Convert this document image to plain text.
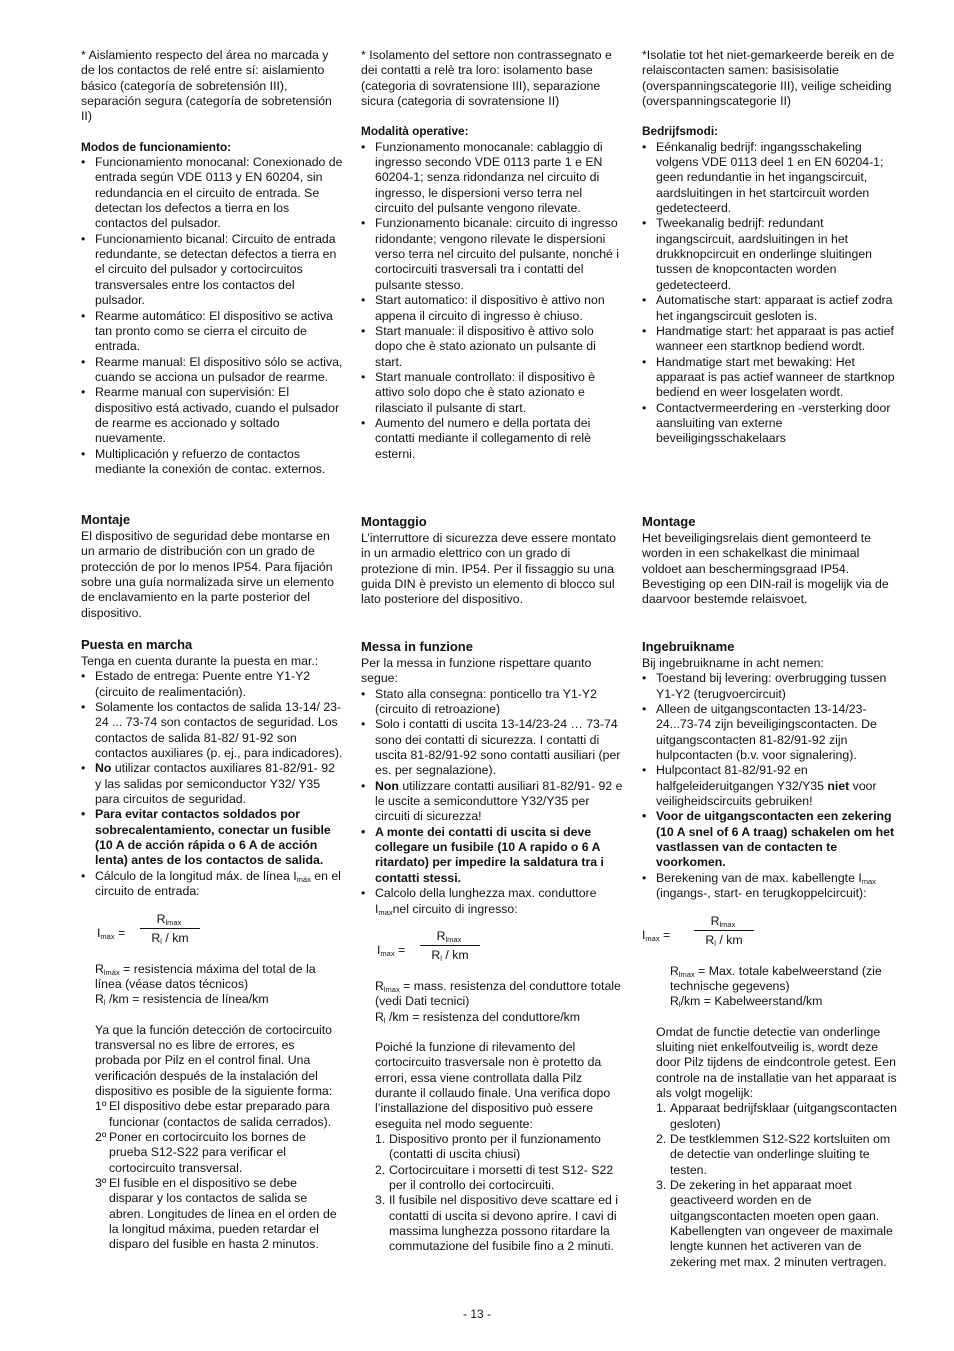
* Aislamiento respecto del área no marcada y de los contactos de relé entre sí: aislamiento básico (categoría de sobretensión III), separación segura (categoría de sobretensión II)

Modos de funcionamiento:

• Funcionamiento monocanal: Conexionado de entrada según VDE 0113 y EN 60204, sin redundancia en el circuito de entrada. Se detectan los defectos a tierra en los contactos del pulsador.
• Funcionamiento bicanal: Circuito de entrada redundante, se detectan defectos a tierra en el circuito del pulsador y cortocircuitos transversales entre los contactos del pulsador.
• Rearme automático: El dispositivo se activa tan pronto como se cierra el circuito de entrada.
• Rearme manual: El dispositivo sólo se activa, cuando se acciona un pulsador de rearme.
• Rearme manual con supervisión: El dispositivo está activado, cuando el pulsador de rearme es accionado y soltado nuevamente.
• Multiplicación y refuerzo de contactos mediante la conexión de contac. externos.
Montaje

El dispositivo de seguridad debe montarse en un armario de distribución con un grado de protección de por lo menos IP54. Para fijación sobre una guía normalizada sirve un elemento de enclavamiento en la parte posterior del dispositivo.

Puesta en marcha

Tenga en cuenta durante la puesta en mar.:

• Estado de entrega: Puente entre Y1-Y2 (circuito de realimentación).
• Solamente los contactos de salida 13-14/ 23-24 ... 73-74 son contactos de seguridad. Los contactos de salida 81-82/ 91-92 son contactos auxiliares (p. ej., para indicadores).
• No utilizar contactos auxiliares 81-82/91- 92 y las salidas por semiconductor Y32/ Y35 para circuitos de seguridad.
• Para evitar contactos soldados por sobrecalentamiento, conectar un fusible (10 A de acción rápida o 6 A de acción lenta) antes de los contactos de salida.
• Cálculo de la longitud máx. de línea $I_{máx}$ en el circuito de entrada:
$I_{max}$ =
$R_{lmax}$
$R_l$ / km

$R_{lmáx}$ = resistencia máxima del total de la línea (véase datos técnicos)

$R_l$ /km = resistencia de línea/km

Ya que la función detección de cortocircuito transversal no es libre de errores, es probada por Pilz en el control final. Una verificación después de la instalación del dispositivo es posible de la siguiente forma:

1º El dispositivo debe estar preparado para funcionar (contactos de salida cerrados).
2º Poner en cortocircuito los bornes de prueba S12-S22 para verificar el cortocircuito transversal.
3º El fusible en el dispositivo se debe disparar y los contactos de salida se abren. Longitudes de línea en el orden de la longitud máxima, pueden retardar el disparo del fusible en hasta 2 minutos.

* Isolamento del settore non contrassegnato e dei contatti a relè tra loro: isolamento base (categoria di sovratensione III), separazione sicura (categoria di sovratensione II)

Modalità operative:

• Funzionamento monocanale: cablaggio di ingresso secondo VDE 0113 parte 1 e EN 60204-1; senza ridondanza nel circuito di ingresso, le dispersioni verso terra nel circuito del pulsante vengono rilevate.
• Funzionamento bicanale: circuito di ingresso ridondante; vengono rilevate le dispersioni verso terra nel circuito del pulsante, nonché i cortocircuiti trasversali tra i contatti del pulsante stesso.
• Start automatico: il dispositivo è attivo non appena il circuito di ingresso è chiuso.
• Start manuale: il dispositivo è attivo solo dopo che è stato azionato un pulsante di start.
• Start manuale controllato: il dispositivo è attivo solo dopo che è stato azionato e rilasciato il pulsante di start.
• Aumento del numero e della portata dei contatti mediante il collegamento di relè esterni.
Montaggio

L’interruttore di sicurezza deve essere montato in un armadio elettrico con un grado di protezione di min. IP54. Per il fissaggio su una guida DIN è previsto un elemento di blocco sul lato posteriore del dispositivo.

Messa in funzione

Per la messa in funzione rispettare quanto segue:

• Stato alla consegna: ponticello tra Y1-Y2 (circuito di retroazione)
• Solo i contatti di uscita 13-14/23-24 … 73-74 sono dei contatti di sicurezza. I contatti di uscita 81-82/91-92 sono contatti ausiliari (per es. per segnalazione).
• Non utilizzare contatti ausiliari 81-82/91- 92 e le uscite a semiconduttore Y32/Y35 per circuiti di sicurezza!
• A monte dei contatti di uscita si deve collegare un fusibile (10 A rapido o 6 A ritardato) per impedire la saldatura tra i contatti stessi.
• Calcolo della lunghezza max. conduttore $I_{max}nel$ circuito di ingresso:
$I_{max}$ =
$R_{lmax}$
$R_l$ / km

$R_{lmax}$ = mass. resistenza del conduttore totale (vedi Dati tecnici)

$R_l$ /km = resistenza del conduttore/km

Poiché la funzione di rilevamento del cortocircuito trasversale non è protetto da errori, essa viene controllata dalla Pilz durante il collaudo finale. Una verifica dopo l’installazione del dispositivo può essere eseguita nel modo seguente:

1. Dispositivo pronto per il funzionamento (contatti di uscita chiusi)
2. Cortocircuitare i morsetti di test S12- S22 per il controllo dei cortocircuiti.
3. Il fusibile nel dispositivo deve scattare ed i contatti di uscita si devono aprire. I cavi di massima lunghezza possono ritardare la commutazione del fusibile fino a 2 minuti.

*Isolatie tot het niet-gemarkeerde bereik en de relaiscontacten samen: basisisolatie (overspanningscategorie III), veilige scheiding (overspanningscategorie II)

Bedrijfsmodi:

• Eénkanalig bedrijf: ingangsschakeling volgens VDE 0113 deel 1 en EN 60204-1; geen redundantie in het ingangscircuit, aardsluitingen in het startcircuit worden gedetecteerd.
• Tweekanalig bedrijf: redundant ingangscircuit, aardsluitingen in het drukknopcircuit en onderlinge sluitingen tussen de knopcontacten worden gedetecteerd.
• Automatische start: apparaat is actief zodra het ingangscircuit gesloten is.
• Handmatige start: het apparaat is pas actief wanneer een startknop bediend wordt.
• Handmatige start met bewaking: Het apparaat is pas actief wanneer de startknop bediend en weer losgelaten wordt.
• Contactvermeerdering en -versterking door aansluiting van externe beveiligingsschakelaars
Montage

Het beveiligingsrelais dient gemonteerd te worden in een schakelkast die minimaal voldoet aan beschermingsgraad IP54. Bevestiging op een DIN-rail is mogelijk via de daarvoor bestemde relaisvoet.

Ingebruikname

Bij ingebruikname in acht nemen:

• Toestand bij levering: overbrugging tussen Y1-Y2 (terugvoercircuit)
• Alleen de uitgangscontacten 13-14/23- 24...73-74 zijn beveiligingscontacten. De uitgangscontacten 81-82/91-92 zijn hulpcontacten (b.v. voor signalering).
• Hulpcontact 81-82/91-92 en halfgeleideruitgangen Y32/Y35 niet voor veiligheidscircuits gebruiken!
• Voor de uitgangscontacten een zekering (10 A snel of 6 A traag) schakelen om het vastlassen van de contacten te voorkomen.
• Berekening van de max. kabellengte $I_{max}$ (ingangs-, start- en terugkoppelcircuit):
$I_{max}$ =
$R_{lmax}$
$R_l$ / km

$R_{lmax}$ = Max. totale kabelweerstand (zie technische gegevens)

$R_l/km$ = Kabelweerstand/km

Omdat de functie detectie van onderlinge sluiting niet enkelfoutveilig is, wordt deze door Pilz tijdens de eindcontrole getest. Een controle na de installatie van het apparaat is als volgt mogelijk:

1. Apparaat bedrijfsklaar (uitgangscontacten gesloten)
2. De testklemmen S12-S22 kortsluiten om de detectie van onderlinge sluiting te testen.
3. De zekering in het apparaat moet geactiveerd worden en de uitgangscontacten moeten open gaan. Kabellengten van ongeveer de maximale lengte kunnen het activeren van de zekering met max. 2 minuten vertragen.
- 13 -
